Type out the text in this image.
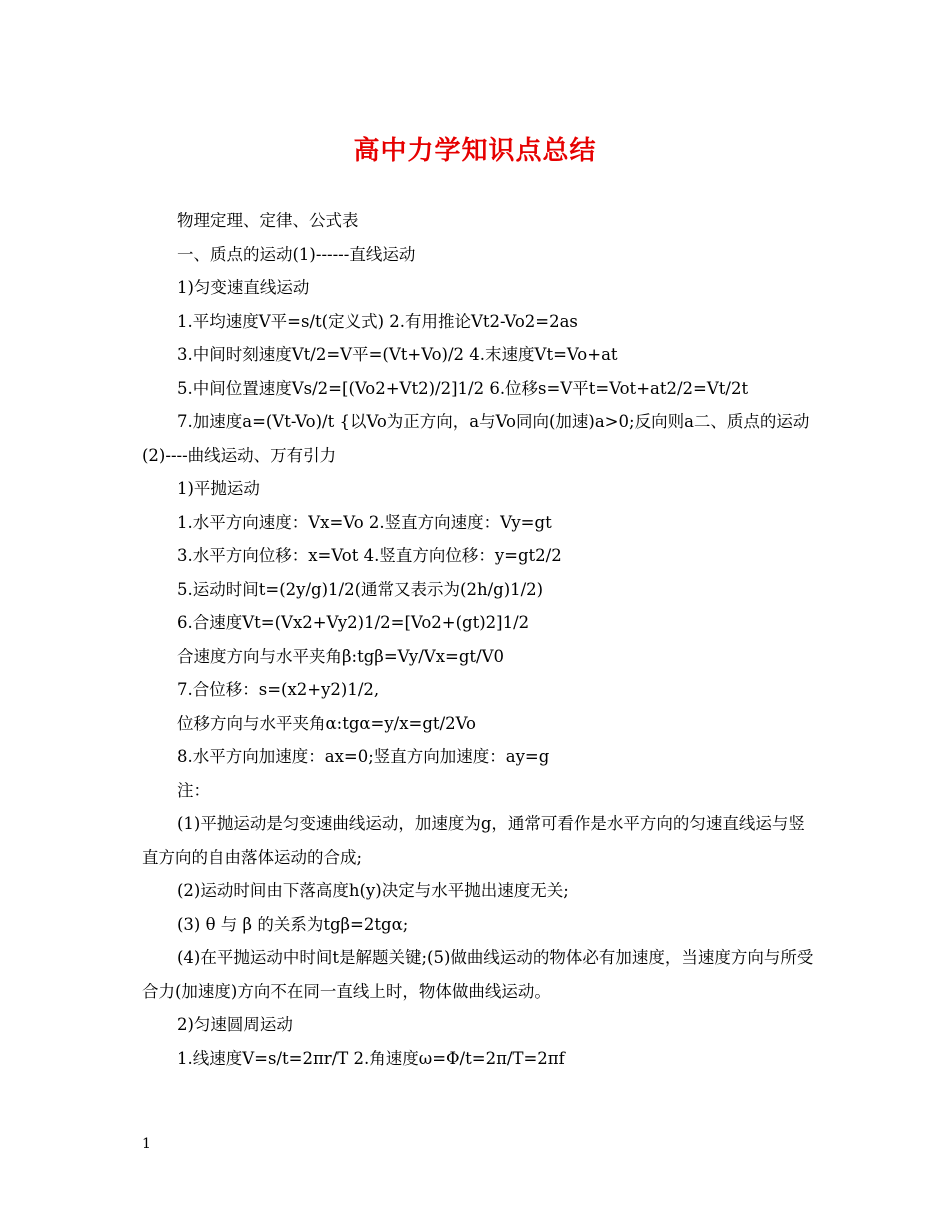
高中力学知识点总结

物理定理、定律、公式表

一、质点的运动(1)------直线运动

1)匀变速直线运动

1.平均速度V平=s/t(定义式) 2.有用推论Vt2-Vo2=2as

3.中间时刻速度Vt/2=V平=(Vt+Vo)/2 4.末速度Vt=Vo+at

5.中间位置速度Vs/2=[(Vo2+Vt2)/2]1/2 6.位移s=V平t=Vot+at2/2=Vt/2t

7.加速度a=(Vt-Vo)/t {以Vo为正方向，a与Vo同向(加速)a>0;反向则a二、质点的运动(2)----曲线运动、万有引力

1)平抛运动

1.水平方向速度：Vx=Vo 2.竖直方向速度：Vy=gt

3.水平方向位移：x=Vot 4.竖直方向位移：y=gt2/2

5.运动时间t=(2y/g)1/2(通常又表示为(2h/g)1/2)

6.合速度Vt=(Vx2+Vy2)1/2=[Vo2+(gt)2]1/2

合速度方向与水平夹角β:tgβ=Vy/Vx=gt/V0

7.合位移：s=(x2+y2)1/2,

位移方向与水平夹角α:tgα=y/x=gt/2Vo

8.水平方向加速度：ax=0;竖直方向加速度：ay=g

注：

(1)平抛运动是匀变速曲线运动，加速度为g，通常可看作是水平方向的匀速直线运与竖直方向的自由落体运动的合成;

(2)运动时间由下落高度h(y)决定与水平抛出速度无关;

(3) θ 与 β 的关系为tgβ=2tgα;

(4)在平抛运动中时间t是解题关键;(5)做曲线运动的物体必有加速度，当速度方向与所受合力(加速度)方向不在同一直线上时，物体做曲线运动。

2)匀速圆周运动

1.线速度V=s/t=2πr/T 2.角速度ω=Φ/t=2π/T=2πf

1
